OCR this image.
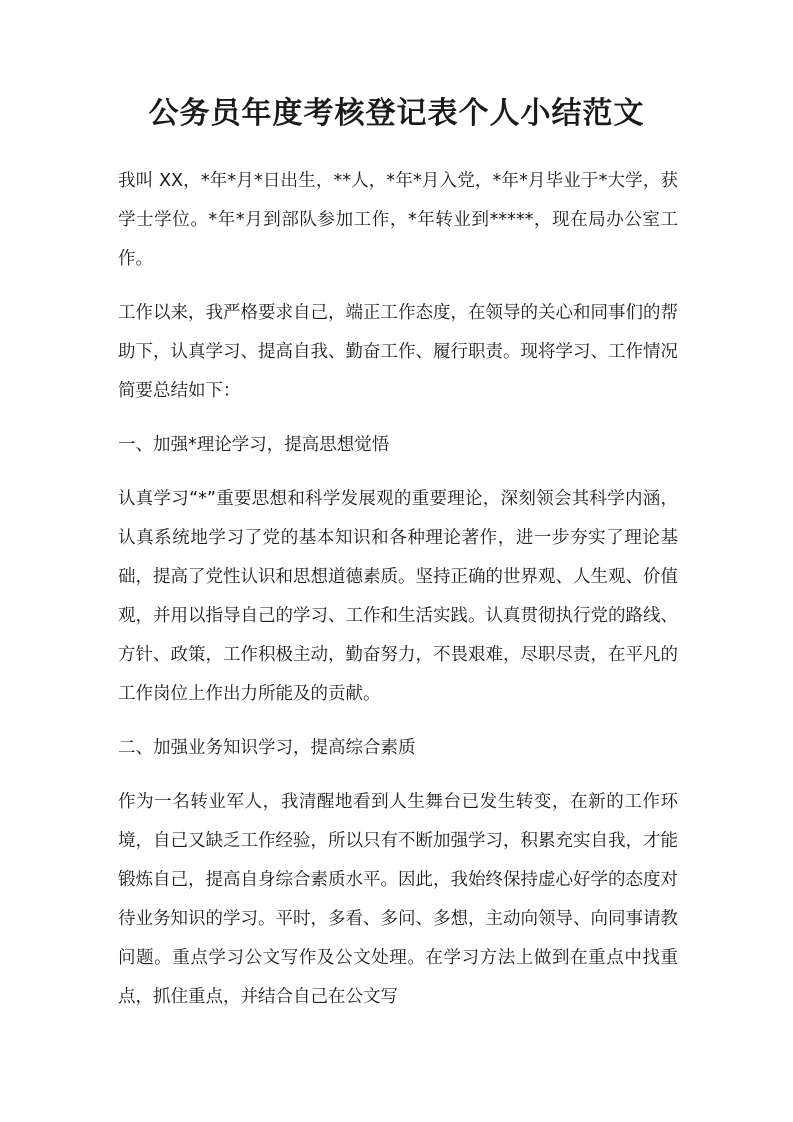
公务员年度考核登记表个人小结范文

我叫 XX，*年*月*日出生，**人，*年*月入党，*年*月毕业于*大学，获学士学位。*年*月到部队参加工作，*年转业到*****，现在局办公室工作。

工作以来，我严格要求自己，端正工作态度，在领导的关心和同事们的帮助下，认真学习、提高自我、勤奋工作、履行职责。现将学习、工作情况简要总结如下：

一、加强*理论学习，提高思想觉悟

认真学习“*”重要思想和科学发展观的重要理论，深刻领会其科学内涵，认真系统地学习了党的基本知识和各种理论著作，进一步夯实了理论基础，提高了党性认识和思想道德素质。坚持正确的世界观、人生观、价值观，并用以指导自己的学习、工作和生活实践。认真贯彻执行党的路线、方针、政策，工作积极主动，勤奋努力，不畏艰难，尽职尽责，在平凡的工作岗位上作出力所能及的贡献。

二、加强业务知识学习，提高综合素质

作为一名转业军人，我清醒地看到人生舞台已发生转变，在新的工作环境，自己又缺乏工作经验，所以只有不断加强学习，积累充实自我，才能锻炼自己，提高自身综合素质水平。因此，我始终保持虚心好学的态度对待业务知识的学习。平时，多看、多问、多想，主动向领导、向同事请教问题。重点学习公文写作及公文处理。在学习方法上做到在重点中找重点，抓住重点，并结合自己在公文写
